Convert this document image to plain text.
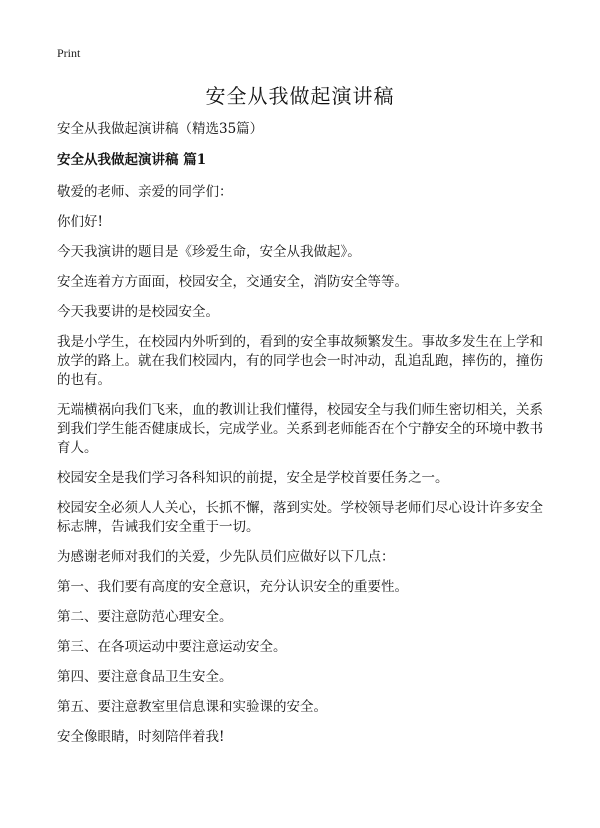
Print
安全从我做起演讲稿

安全从我做起演讲稿（精选35篇）

安全从我做起演讲稿 篇1

敬爱的老师、亲爱的同学们：

你们好!

今天我演讲的题目是《珍爱生命，安全从我做起》。

安全连着方方面面，校园安全，交通安全，消防安全等等。

今天我要讲的是校园安全。

我是小学生，在校园内外听到的，看到的安全事故频繁发生。事故多发生在上学和放学的路上。就在我们校园内，有的同学也会一时冲动，乱追乱跑，摔伤的，撞伤的也有。

无端横祸向我们飞来，血的教训让我们懂得，校园安全与我们师生密切相关，关系到我们学生能否健康成长，完成学业。关系到老师能否在个宁静安全的环境中教书育人。

校园安全是我们学习各科知识的前提，安全是学校首要任务之一。

校园安全必须人人关心，长抓不懈，落到实处。学校领导老师们尽心设计许多安全标志牌，告诫我们安全重于一切。

为感谢老师对我们的关爱，少先队员们应做好以下几点：

第一、我们要有高度的安全意识，充分认识安全的重要性。

第二、要注意防范心理安全。

第三、在各项运动中要注意运动安全。

第四、要注意食品卫生安全。

第五、要注意教室里信息课和实验课的安全。

安全像眼睛，时刻陪伴着我!
